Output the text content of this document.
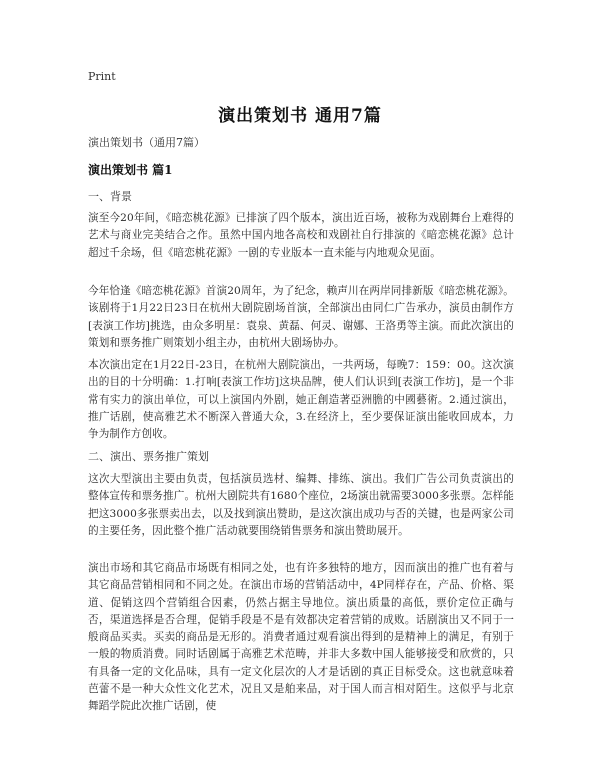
Print
演出策划书 通用7篇
演出策划书（通用7篇）
演出策划书 篇1
一、背景
演至今20年间，《暗恋桃花源》已排演了四个版本，演出近百场，被称为戏剧舞台上难得的艺术与商业完美结合之作。虽然中国内地各高校和戏剧社自行排演的《暗恋桃花源》总计超过千余场，但《暗恋桃花源》一剧的专业版本一直未能与内地观众见面。
今年恰逢《暗恋桃花源》首演20周年，为了纪念，赖声川在两岸同排新版《暗恋桃花源》。该剧将于1月22日23日在杭州大剧院剧场首演，全部演出由同仁广告承办，演员由制作方[表演工作坊]挑选，由众多明星：袁泉、黄磊、何灵、谢娜、王洛勇等主演。而此次演出的策划和票务推广则策划小组主办，由杭州大剧场协办。
本次演出定在1月22日-23日，在杭州大剧院演出，一共两场，每晚7：159：00。这次演出的目的十分明确：1.打响[表演工作坊]这块品牌，使人们认识到[表演工作坊]，是一个非常有实力的演出单位，可以上演国内外剧，她正創造著亞洲膽的中國藝術。2.通过演出，推广话剧，使高雅艺术不断深入普通大众，3.在经济上，至少要保证演出能收回成本，力争为制作方创收。
二、演出、票务推广策划
这次大型演出主要由负责，包括演员选材、编舞、排练、演出。我们广告公司负责演出的整体宣传和票务推广。杭州大剧院共有1680个座位，2场演出就需要3000多张票。怎样能把这3000多张票卖出去，以及找到演出赞助，是这次演出成功与否的关键，也是两家公司的主要任务，因此整个推广活动就要围绕销售票务和演出赞助展开。
演出市场和其它商品市场既有相同之处，也有许多独特的地方，因而演出的推广也有着与其它商品营销相同和不同之处。在演出市场的营销活动中，4P同样存在，产品、价格、渠道、促销这四个营销组合因素，仍然占据主导地位。演出质量的高低，票价定位正确与否，渠道选择是否合理，促销手段是不是有效都决定着营销的成败。话剧演出又不同于一般商品买卖。买卖的商品是无形的。消费者通过观看演出得到的是精神上的满足，有别于一般的物质消费。同时话剧属于高雅艺术范畴，并非大多数中国人能够接受和欣赏的，只有具备一定的文化品味，具有一定文化层次的人才是话剧的真正目标受众。这也就意味着芭蕾不是一种大众性文化艺术，况且又是舶来品，对于国人而言相对陌生。这似乎与北京舞蹈学院此次推广话剧，使
